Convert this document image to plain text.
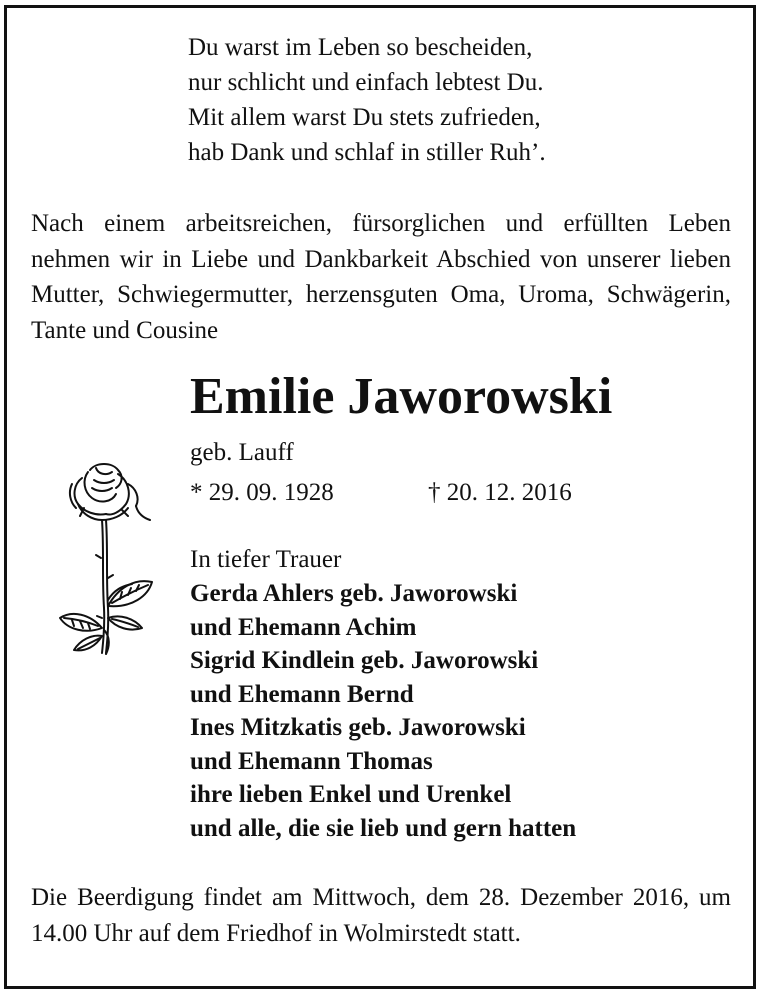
Du warst im Leben so bescheiden,
nur schlicht und einfach lebtest Du.
Mit allem warst Du stets zufrieden,
hab Dank und schlaf in stiller Ruh’.
Nach einem arbeitsreichen, fürsorglichen und erfüllten Leben nehmen wir in Liebe und Dankbarkeit Abschied von unserer lieben Mutter, Schwiegermutter, herzensguten Oma, Uroma, Schwägerin, Tante und Cousine
Emilie Jaworowski
geb. Lauff
* 29. 09. 1928	† 20. 12. 2016
In tiefer Trauer
Gerda Ahlers geb. Jaworowski
und Ehemann Achim
Sigrid Kindlein geb. Jaworowski
und Ehemann Bernd
Ines Mitzkatis geb. Jaworowski
und Ehemann Thomas
ihre lieben Enkel und Urenkel
und alle, die sie lieb und gern hatten
Die Beerdigung findet am Mittwoch, dem 28. Dezember 2016, um 14.00 Uhr auf dem Friedhof in Wolmirstedt statt.
